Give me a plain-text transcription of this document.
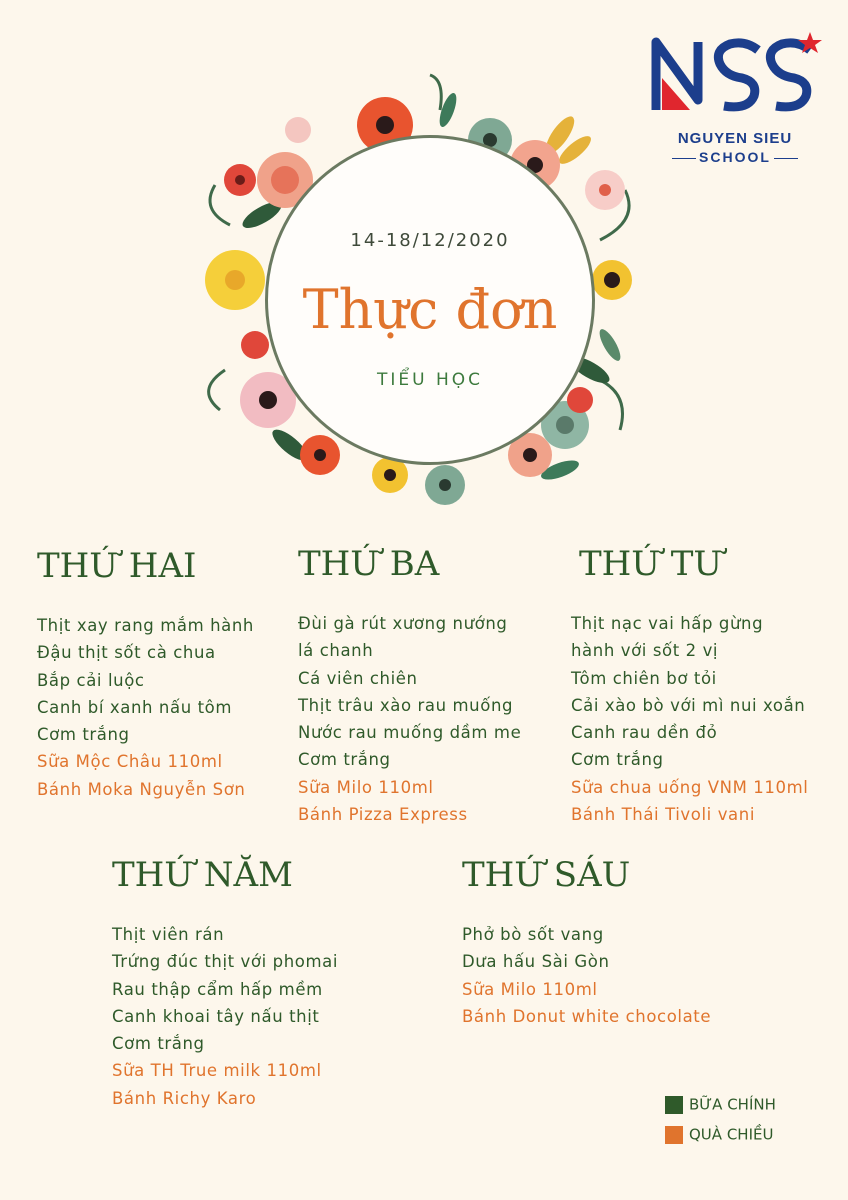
14-18/12/2020
Thực đơn
TIỂU HỌC
NGUYEN SIEU
SCHOOL
THỨ HAI
Thịt xay rang mắm hành
Đậu thịt sốt cà chua
Bắp cải luộc
Canh bí xanh nấu tôm
Cơm trắng
Sữa Mộc Châu 110ml
Bánh Moka Nguyễn Sơn
THỨ BA
Đùi gà rút xương nướng
lá chanh
Cá viên chiên
Thịt trâu xào rau muống
Nước rau muống dầm me
Cơm trắng
Sữa Milo 110ml
Bánh Pizza Express
THỨ TƯ
Thịt nạc vai hấp gừng
hành với sốt 2 vị
Tôm chiên bơ tỏi
Cải xào bò với mì nui xoắn
Canh rau dền đỏ
Cơm trắng
Sữa chua uống VNM 110ml
Bánh Thái Tivoli vani
THỨ NĂM
Thịt viên rán
Trứng đúc thịt với phomai
Rau thập cẩm hấp mềm
Canh khoai tây nấu thịt
Cơm trắng
Sữa TH True milk 110ml
Bánh Richy Karo
THỨ SÁU
Phở bò sốt vang
Dưa hấu Sài Gòn
Sữa Milo 110ml
Bánh Donut white chocolate
BỮA CHÍNH
QUÀ CHIỀU
